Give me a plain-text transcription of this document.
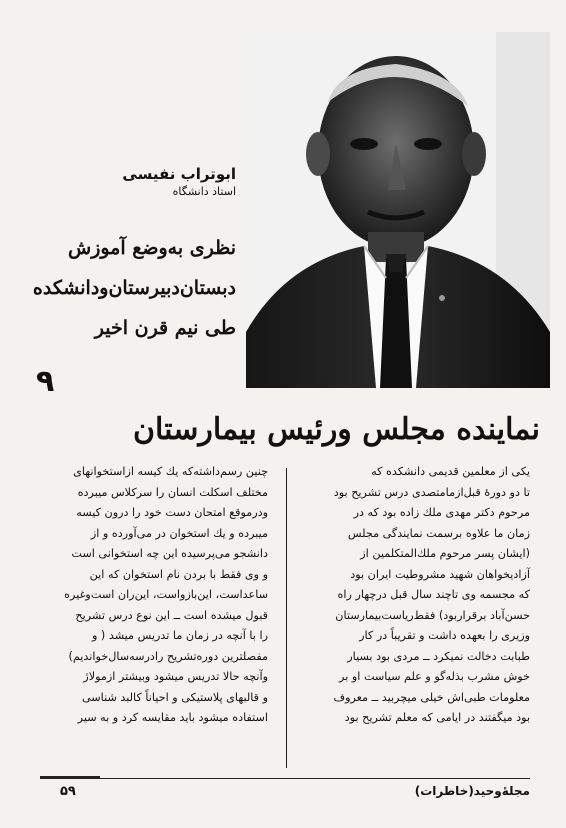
ابوتراب نفیسی
استاد دانشگاه
نظری به‌وضع آموزش
دبستان‌دبیرستان‌ودانشکده
طی نیم قرن اخیر
۹
نماینده مجلس ورئیس بیمارستان

یکی از معلمین قدیمی دانشکده که

تا دو دورهٔ قبل‌ازما‌متصدی درس تشریح بود

مرحوم دکتر مهدی ملك زاده بود که در

زمان ما علاوه برسمت نمایندگی مجلس

(ایشان پسر مرحوم ملك‌المتکلمین از

آزادیخواهان شهید مشروطیت ایران بود

که مجسمه وی تاچند سال قبل درچهار راه

حسن‌آباد برقرار‌بود) فقط‌ریاست‌بیمارستان

وزیری را بعهده داشت و تقریباً در کار

طبابت دخالت نمیکرد ــ مردی بود بسیار

خوش مشرب بذله‌گو و علم سیاست او بر

معلومات طبی‌اش خیلی میچربید ــ معروف

بود میگفتند در ایامی که معلم تشریح بود

چنین رسم‌داشته‌که یك کیسه ازاستخوانهای

مختلف اسکلت انسان را سرکلاس میبرده

ودرموقع امتحان دست خود را درون کیسه

میبرده و یك استخوان در می‌آورده و از

دانشجو می‌پرسیده این چه استخوانی است

و وی فقط با بردن نام استخوان که این

ساعداست، این‌بازواست، این‌ران است‌وغیره

قبول میشده است ــ این نوع درس تشریح

را با آنچه در زمان ما تدریس میشد ( و

مفصلترین دوره‌تشریح رادرسه‌سال‌خواندیم)

وآنچه حالا تدریس میشود وبیشتر ازمولاژ

و قالبهای پلاستیکی و احیاناً کالبد شناسی

استفاده میشود باید مقایسه کرد و به سیر

مجلهٔ‌وحید(خاطرات)
۵۹
